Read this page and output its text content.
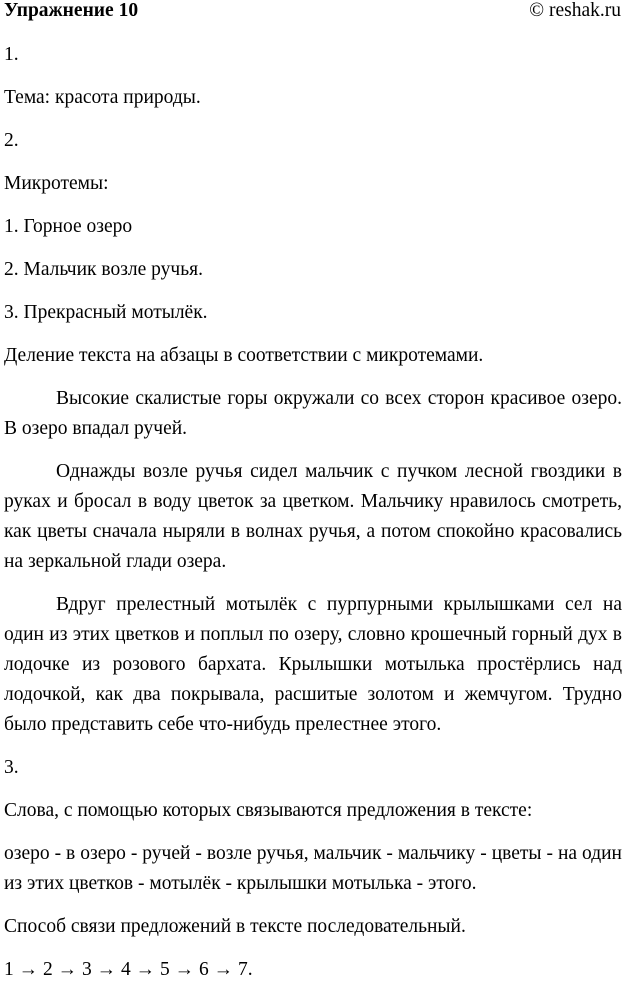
Упражнение 10	© reshak.ru

1.

Тема: красота природы.

2.

Микротемы:

1. Горное озеро

2. Мальчик возле ручья.

3. Прекрасный мотылёк.

Деление текста на абзацы в соответствии с микротемами.

Высокие скалистые горы окружали со всех сторон красивое озеро. В озеро впадал ручей.

Однажды возле ручья сидел мальчик с пучком лесной гвоздики в руках и бросал в воду цветок за цветком. Мальчику нравилось смотреть, как цветы сначала ныряли в волнах ручья, а потом спокойно красовались на зеркальной глади озера.

Вдруг прелестный мотылёк с пурпурными крылышками сел на один из этих цветков и поплыл по озеру, словно крошечный горный дух в лодочке из розового бархата. Крылышки мотылька простёрлись над лодочкой, как два покрывала, расшитые золотом и жемчугом. Трудно было представить себе что-нибудь прелестнее этого.

3.

Слова, с помощью которых связываются предложения в тексте:

озеро - в озеро - ручей - возле ручья, мальчик - мальчику - цветы - на один из этих цветков - мотылёк - крылышки мотылька - этого.

Способ связи предложений в тексте последовательный.

1 → 2 → 3 → 4 → 5 → 6 → 7.
